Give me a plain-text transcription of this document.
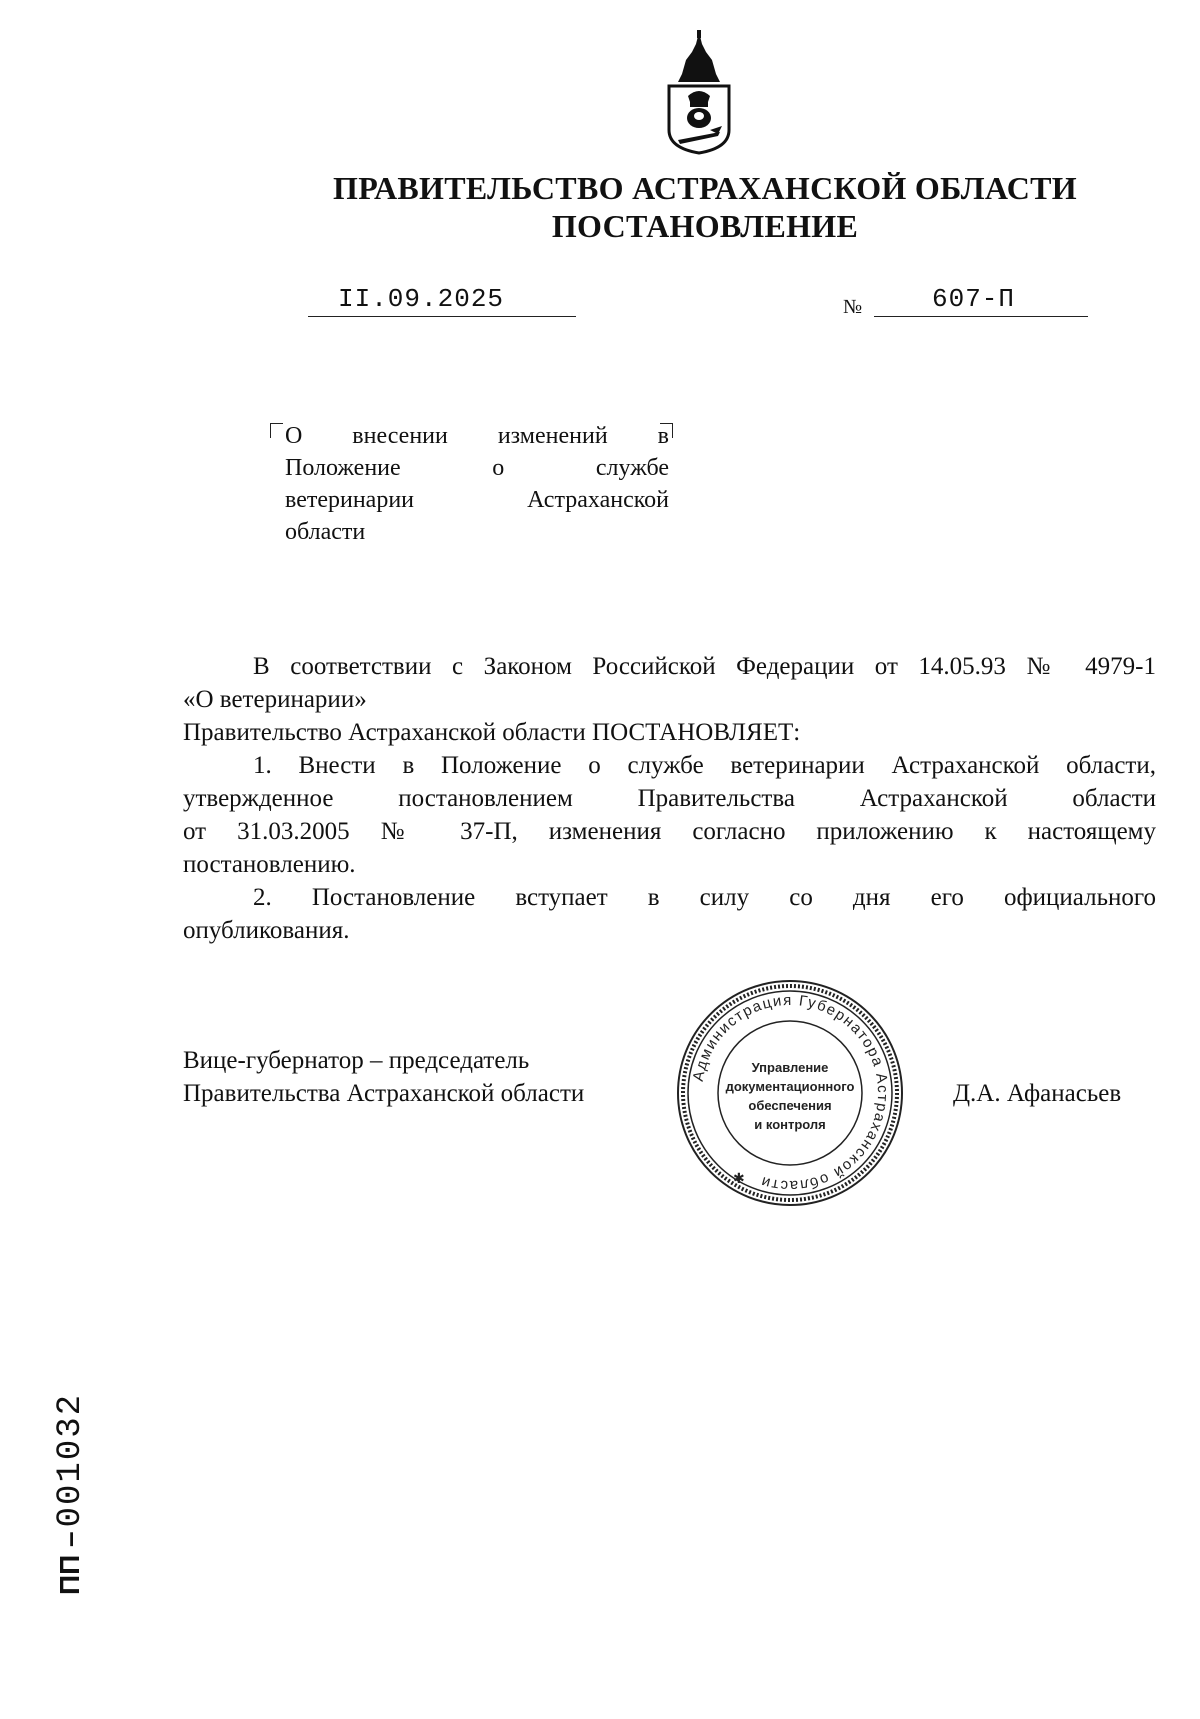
ПРАВИТЕЛЬСТВО АСТРАХАНСКОЙ ОБЛАСТИ
ПОСТАНОВЛЕНИЕ
II.09.2025	№	607-П
О внесении изменений в
Положение	о	службе
ветеринарии	Астраханской
области
В соответствии с Законом Российской Федерации от 14.05.93 № 4979-1
«О ветеринарии»
Правительство Астраханской области ПОСТАНОВЛЯЕТ:
1. Внести в Положение о службе ветеринарии Астраханской области,
утвержденное постановлением Правительства Астраханской области
от 31.03.2005 № 37-П, изменения согласно приложению к настоящему
постановлению.
2. Постановление вступает в силу со дня его официального
опубликования.
Вице-губернатор – председатель
Правительства Астраханской области	Д.А. Афанасьев
Администрация Губернатора Астраханской области
✱
Управление
документационного
обеспечения
и контроля
ПП – 001032
